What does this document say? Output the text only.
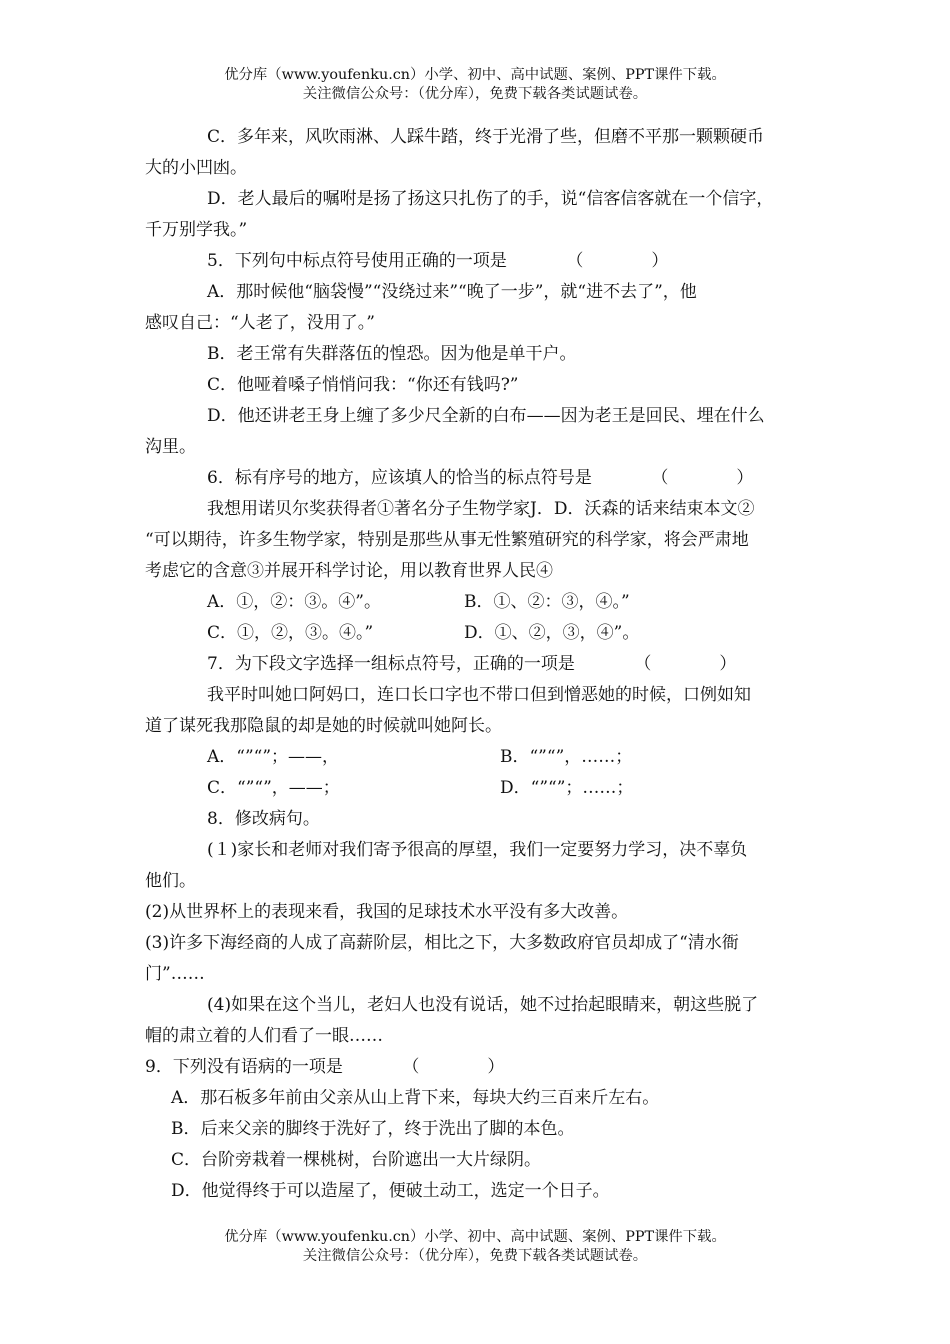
优分库（www.youfenku.cn）小学、初中、高中试题、案例、PPT课件下载。
关注微信公众号：（优分库），免费下载各类试题试卷。
C．多年来，风吹雨淋、人踩牛踏，终于光滑了些，但磨不平那一颗颗硬币
大的小凹凼。
D．老人最后的嘱咐是扬了扬这只扎伤了的手，说“信客信客就在一个信字，
千万别学我。”
5．下列句中标点符号使用正确的一项是　　　　（　　　　）
A．那时候他“脑袋慢”“没绕过来”“晚了一步”，就“进不去了”，他
感叹自己：“人老了，没用了。”
B．老王常有失群落伍的惶恐。因为他是单干户。
C．他哑着嗓子悄悄问我：“你还有钱吗?”
D．他还讲老王身上缠了多少尺全新的白布——因为老王是回民、埋在什么
沟里。
6．标有序号的地方，应该填人的恰当的标点符号是　　　　（　　　　）
我想用诺贝尔奖获得者①著名分子生物学家J．D．沃森的话来结束本文②
“可以期待，许多生物学家，特别是那些从事无性繁殖研究的科学家，将会严肃地
考虑它的含意③并展开科学讨论，用以教育世界人民④
A．①，②：③。④”。	B．①、②：③，④。”
C．①，②，③。④。”	D．①、②，③，④”。
7．为下段文字选择一组标点符号，正确的一项是　　　　（　　　　）
我平时叫她口阿妈口，连口长口字也不带口但到憎恶她的时候，口例如知
道了谋死我那隐鼠的却是她的时候就叫她阿长。
A．“”“”；——，	B．“”“”，……；
C．“”“”，——；	D．“”“”；……；
8．修改病句。
(１)家长和老师对我们寄予很高的厚望，我们一定要努力学习，决不辜负
他们。
(2)从世界杯上的表现来看，我国的足球技术水平没有多大改善。
(3)许多下海经商的人成了高薪阶层，相比之下，大多数政府官员却成了“清水衙
门”……
(4)如果在这个当儿，老妇人也没有说话，她不过抬起眼睛来，朝这些脱了
帽的肃立着的人们看了一眼……
9．下列没有语病的一项是　　　　（　　　　）
A．那石板多年前由父亲从山上背下来，每块大约三百来斤左右。
B．后来父亲的脚终于洗好了，终于洗出了脚的本色。
C．台阶旁栽着一棵桃树，台阶遮出一大片绿阴。
D．他觉得终于可以造屋了，便破土动工，选定一个日子。
优分库（www.youfenku.cn）小学、初中、高中试题、案例、PPT课件下载。
关注微信公众号：（优分库），免费下载各类试题试卷。
